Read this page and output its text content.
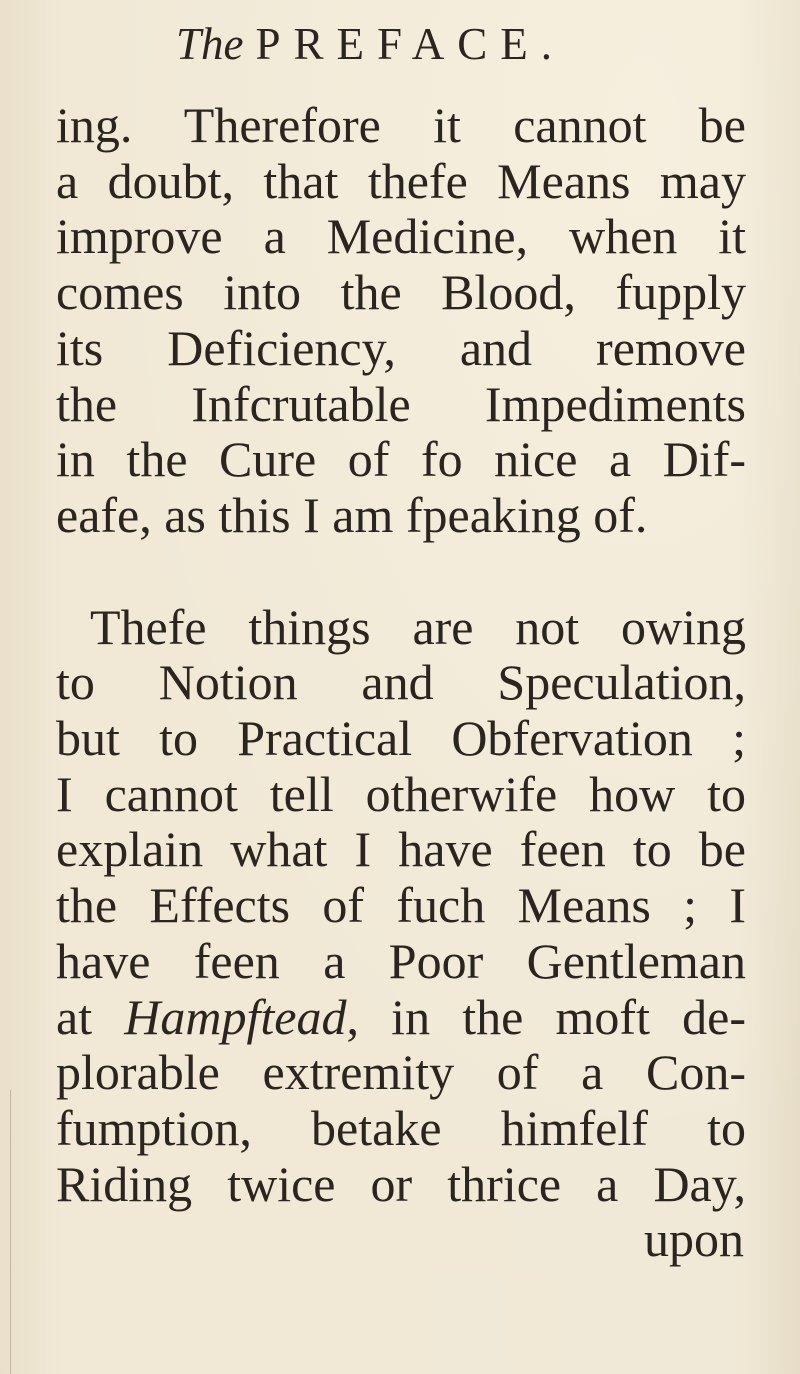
The PREFACE.
ing. Therefore it cannot be
a doubt, that thefe Means may
improve a Medicine, when it
comes into the Blood, fupply
its Deficiency, and remove
the Infcrutable Impediments
in the Cure of fo nice a Dif-
eafe, as this I am fpeaking of.
Thefe things are not owing
to Notion and Speculation,
but to Practical Obfervation ;
I cannot tell otherwife how to
explain what I have feen to be
the Effects of fuch Means ; I
have feen a Poor Gentleman
at Hampftead, in the moft de-
plorable extremity of a Con-
fumption, betake himfelf to
Riding twice or thrice a Day,
upon
